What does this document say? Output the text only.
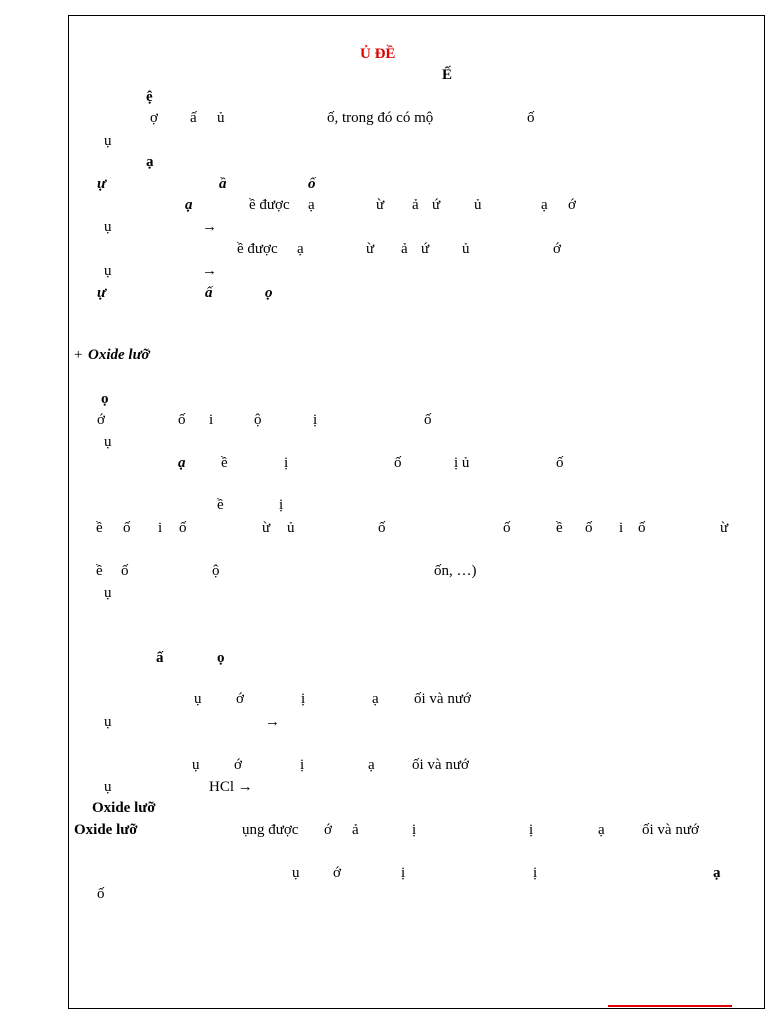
Ủ ĐỀ
Ế
ệ
ợ ấ ủ	ố, trong đó có mộ	ố
ụ
ạ
ự	ầ	ố
ạ	ề được ạ	ừ ả ứ ủ	ạ ớ
ụ	→
ề được ạ	ừ ả ứ ủ	ớ
ụ	→
ự	ấ	ọ
+ Oxide lưỡ
ọ
ớ	ố i	ộ	ị	ố
ụ
ạ ề	ị	ố	ị ủ	ố
ề	ị
ề ố i ố	ừ ủ	ố	ố	ề ố i ố	ừ
ề ố	ộ	ốn, …)
ụ
ấ	ọ
ụ ớ	ị	ạ ối và nướ
ụ	→
ụ ớ	ị	ạ ối và nướ
ụ	HCl →
Oxide lưỡ
Oxide lưỡ	ụng được ớ ả	ị	ị	ạ ối và nướ
ụ ớ	ị	ị	ạ
ố
